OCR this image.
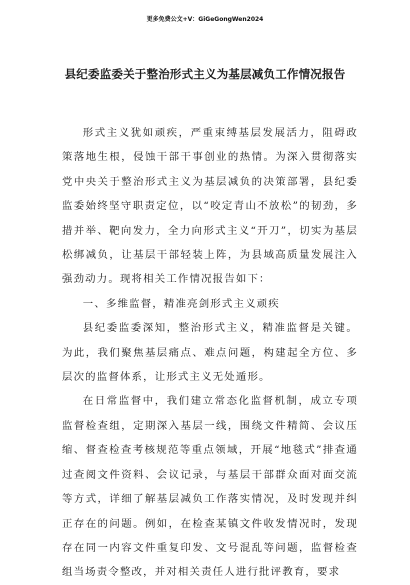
更多免费公文+V：GiGeGongWen2024
县纪委监委关于整治形式主义为基层减负工作情况报告

形式主义犹如顽疾，严重束缚基层发展活力，阻碍政策落地生根，侵蚀干部干事创业的热情。为深入贯彻落实党中央关于整治形式主义为基层减负的决策部署，县纪委监委始终坚守职责定位，以“咬定青山不放松”的韧劲，多措并举、靶向发力，全力向形式主义“开刀”，切实为基层松绑减负，让基层干部轻装上阵，为县域高质量发展注入强劲动力。现将相关工作情况报告如下：

一、多维监督，精准亮剑形式主义顽疾

县纪委监委深知，整治形式主义，精准监督是关键。为此，我们聚焦基层痛点、难点问题，构建起全方位、多层次的监督体系，让形式主义无处遁形。

在日常监督中，我们建立常态化监督机制，成立专项监督检查组，定期深入基层一线，围绕文件精简、会议压缩、督查检查考核规范等重点领域，开展“地毯式”排查通过查阅文件资料、会议记录，与基层干部群众面对面交流等方式，详细了解基层减负工作落实情况，及时发现并纠正存在的问题。例如，在检查某镇文件收发情况时，发现存在同一内容文件重复印发、文号混乱等问题，监督检查组当场责令整改，并对相关责任人进行批评教育，要求
